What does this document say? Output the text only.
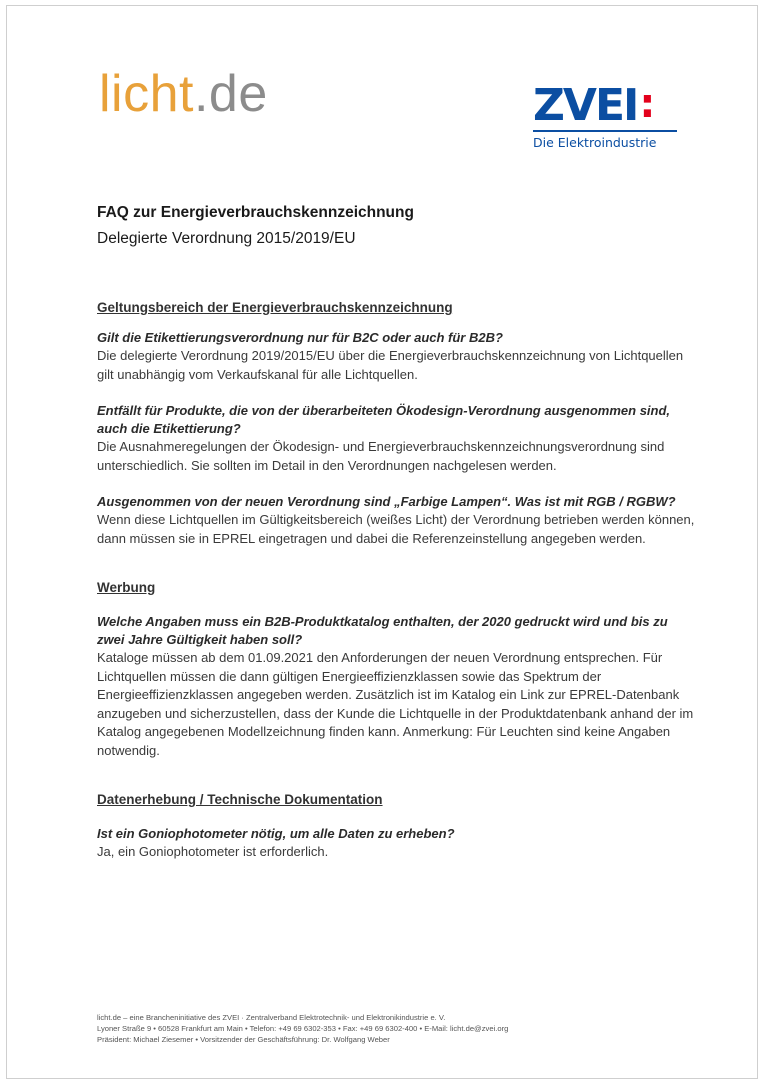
licht.de	ZVEI:
Die Elektroindustrie

FAQ zur Energieverbrauchskennzeichnung

Delegierte Verordnung 2015/2019/EU

Geltungsbereich der Energieverbrauchskennzeichnung

Gilt die Etikettierungsverordnung nur für B2C oder auch für B2B?

Die delegierte Verordnung 2019/2015/EU über die Energieverbrauchskennzeichnung von Lichtquellen gilt unabhängig vom Verkaufskanal für alle Lichtquellen.

Entfällt für Produkte, die von der überarbeiteten Ökodesign-Verordnung ausgenommen sind, auch die Etikettierung?

Die Ausnahmeregelungen der Ökodesign- und Energieverbrauchskennzeichnungsverordnung sind unterschiedlich. Sie sollten im Detail in den Verordnungen nachgelesen werden.

Ausgenommen von der neuen Verordnung sind „Farbige Lampen“. Was ist mit RGB / RGBW?

Wenn diese Lichtquellen im Gültigkeitsbereich (weißes Licht) der Verordnung betrieben werden können, dann müssen sie in EPREL eingetragen und dabei die Referenzeinstellung angegeben werden.

Werbung

Welche Angaben muss ein B2B-Produktkatalog enthalten, der 2020 gedruckt wird und bis zu zwei Jahre Gültigkeit haben soll?

Kataloge müssen ab dem 01.09.2021 den Anforderungen der neuen Verordnung entsprechen. Für Lichtquellen müssen die dann gültigen Energieeffizienzklassen sowie das Spektrum der Energieeffizienzklassen angegeben werden. Zusätzlich ist im Katalog ein Link zur EPREL-Datenbank anzugeben und sicherzustellen, dass der Kunde die Lichtquelle in der Produktdatenbank anhand der im Katalog angegebenen Modellzeichnung finden kann. Anmerkung: Für Leuchten sind keine Angaben notwendig.

Datenerhebung / Technische Dokumentation

Ist ein Goniophotometer nötig, um alle Daten zu erheben?

Ja, ein Goniophotometer ist erforderlich.

licht.de – eine Brancheninitiative des ZVEI · Zentralverband Elektrotechnik- und Elektronikindustrie e. V.
Lyoner Straße 9 • 60528 Frankfurt am Main • Telefon: +49 69 6302-353 • Fax: +49 69 6302-400 • E-Mail: licht.de@zvei.org
Präsident: Michael Ziesemer • Vorsitzender der Geschäftsführung: Dr. Wolfgang Weber
